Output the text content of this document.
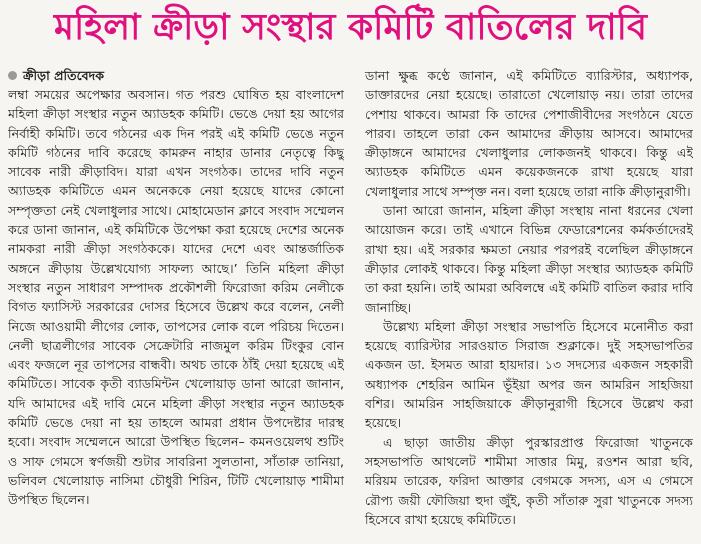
মহিলা ক্রীড়া সংস্থার কমিটি বাতিলের দাবি
ক্রীড়া প্রতিবেদক

লম্বা সময়ের অপেক্ষার অবসান। গত পরশু ঘোষিত হয় বাংলাদেশ মহিলা ক্রীড়া সংস্থার নতুন অ্যাডহক কমিটি। ভেঙে দেয়া হয় আগের নির্বাহী কমিটি। তবে গঠনের এক দিন পরই এই কমিটি ভেঙে নতুন কমিটি গঠনের দাবি করেছে কামরুন নাহার ডানার নেতৃত্বে কিছু সাবেক নারী ক্রীড়াবিদ। যারা এখন সংগঠক। তাদের দাবি নতুন অ্যাডহক কমিটিতে এমন অনেককে নেয়া হয়েছে যাদের কোনো সম্পৃক্ততা নেই খেলাধুলার সাথে। মোহামেডান ক্লাবে সংবাদ সম্মেলন করে ডানা জানান, এই কমিটিকে উপেক্ষা করা হয়েছে দেশের অনেক নামকরা নারী ক্রীড়া সংগঠককে। যাদের দেশে এবং আন্তর্জাতিক অঙ্গনে ক্রীড়ায় উল্লেখযোগ্য সাফল্য আছে।’ তিনি মহিলা ক্রীড়া সংস্থার নতুন সাধারণ সম্পাদক প্রকৌশলী ফিরোজা করিম নেলীকে বিগত ফ্যাসিস্ট সরকারের দোসর হিসেবে উল্লেখ করে বলেন, নেলী নিজে আওয়ামী লীগের লোক, তাপসের লোক বলে পরিচয় দিতেন। নেলী ছাত্রলীগের সাবেক সেক্রেটারি নাজমুল করিম টিংকুর বোন এবং ফজলে নূর তাপসের বান্ধবী। অথচ তাকে ঠাঁই দেয়া হয়েছে এই কমিটিতে। সাবেক কৃতী ব্যাডমিন্টন খেলোয়াড় ডানা আরো জানান, যদি আমাদের এই দাবি মেনে মহিলা ক্রীড়া সংস্থার নতুন অ্যাডহক কমিটি ভেঙে দেয়া না হয় তাহলে আমরা প্রধান উপদেষ্টার দারস্থ হবো। সংবাদ সম্মেলনে আরো উপস্থিত ছিলেন– কমনওয়েলথ শুটিং ও সাফ গেমসে স্বর্ণজয়ী শুটার সাবরিনা সুলতানা, সাঁতারু তানিয়া, ভলিবল খেলোয়াড় নাসিমা চৌধুরী শিরিন, টিটি খেলোয়াড় শামীমা উপস্থিত ছিলেন।

ডানা ক্ষুব্ধ কণ্ঠে জানান, এই কমিটিতে ব্যারিস্টার, অধ্যাপক, ডাক্তারদের নেয়া হয়েছে। তারাতো খেলোয়াড় নয়। তারা তাদের পেশায় থাকবে। আমরা কি তাদের পেশাজীবীদের সংগঠনে যেতে পারব। তাহলে তারা কেন আমাদের ক্রীড়ায় আসবে। আমাদের ক্রীড়াঙ্গনে আমাদের খেলাধুলার লোকজনই থাকবে। কিন্তু এই অ্যাডহক কমিটিতে এমন কয়েকজনকে রাখা হয়েছে যারা খেলাধুলার সাথে সম্পৃক্ত নন। বলা হয়েছে তারা নাকি ক্রীড়ানুরাগী।

ডানা আরো জানান, মহিলা ক্রীড়া সংস্থায় নানা ধরনের খেলা আয়োজন করে। তাই এখানে বিভিন্ন ফেডারেশনের কর্মকর্তাদেরই রাখা হয়। এই সরকার ক্ষমতা নেয়ার পরপরই বলেছিল ক্রীড়াঙ্গনে ক্রীড়ার লোকই থাকবে। কিন্তু মহিলা ক্রীড়া সংস্থার অ্যাডহক কমিটি তা করা হয়নি। তাই আমরা অবিলম্বে এই কমিটি বাতিল করার দাবি জানাচ্ছি।

উল্লেখ্য মহিলা ক্রীড়া সংস্থার সভাপতি হিসেবে মনোনীত করা হয়েছে ব্যারিস্টার সারওয়াত সিরাজ শুক্লাকে। দুই সহসভাপতির একজন ডা. ইসমত আরা হায়দার। ১৩ সদস্যের একজন সহকারী অধ্যাপক শেহরিন আমিন ভূঁইয়া অপর জন আমরিন সাহজিয়া বশির। আমরিন সাহজিয়াকে ক্রীড়ানুরাগী হিসেবে উল্লেখ করা হয়েছে।

এ ছাড়া জাতীয় ক্রীড়া পুরস্কারপ্রাপ্ত ফিরোজা খাতুনকে সহসভাপতি আথলেট শামীমা সাত্তার মিমু, রওশন আরা ছবি, মরিয়ম তারেক, ফরিদা আক্তার বেগমকে সদস্য, এস এ গেমসে রৌপ্য জয়ী ফৌজিয়া হুদা জুঁই, কৃতী সাঁতারু সুরা খাতুনকে সদস্য হিসেবে রাখা হয়েছে কমিটিতে।
